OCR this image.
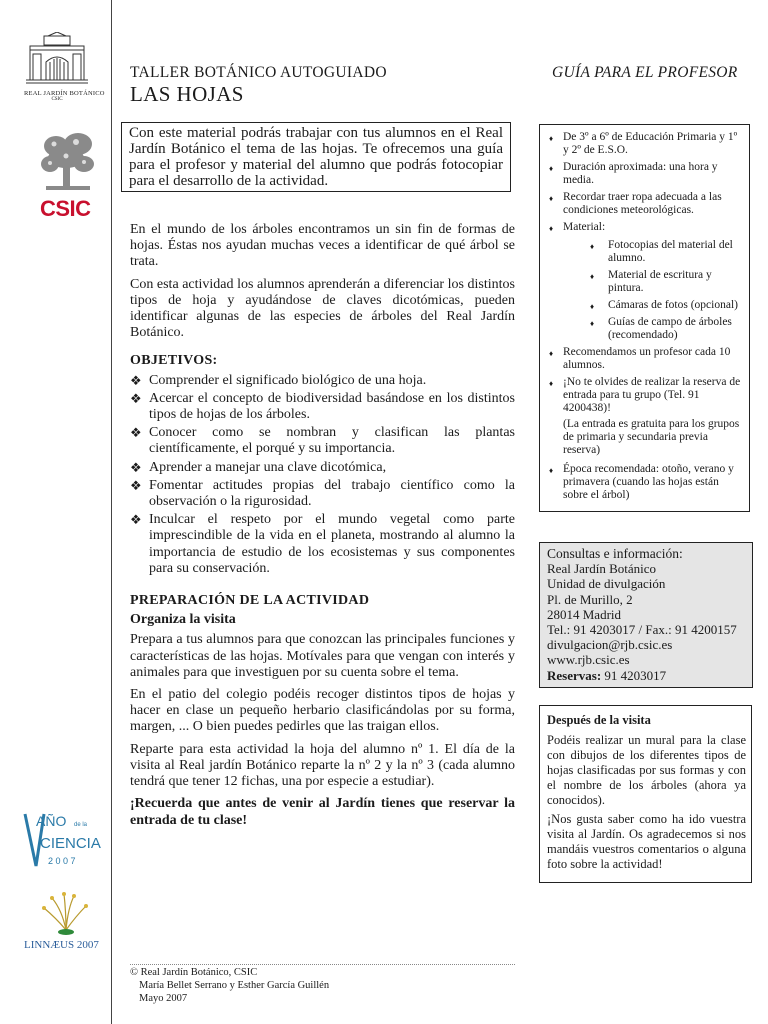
REAL JARDÍN BOTÁNICO
CSIC
CSIC
AÑO de la
CIENCIA
2 0 0 7
LINNÆUS 2007
TALLER BOTÁNICO AUTOGUIADO
LAS HOJAS
GUÍA PARA EL PROFESOR
Con este material podrás trabajar con tus alumnos en el Real Jardín Botánico el tema de las hojas. Te ofrecemos una guía para el profesor y material del alumno que podrás fotocopiar para el desarrollo de la actividad.

En el mundo de los árboles encontramos un sin fin de formas de hojas. Éstas nos ayudan muchas veces a identificar de qué árbol se trata.

Con esta actividad los alumnos aprenderán a diferenciar los distintos tipos de hoja y ayudándose de claves dicotómicas, pueden identificar algunas de las especies de árboles del Real Jardín Botánico.

OBJETIVOS:
❖ Comprender el significado biológico de una hoja.
❖ Acercar el concepto de biodiversidad basándose en los distintos tipos de hojas de los árboles.
❖ Conocer como se nombran y clasifican las plantas científicamente, el porqué y su importancia.
❖ Aprender a manejar una clave dicotómica,
❖ Fomentar actitudes propias del trabajo científico como la observación o la rigurosidad.
❖ Inculcar el respeto por el mundo vegetal como parte imprescindible de la vida en el planeta, mostrando al alumno la importancia de estudio de los ecosistemas y sus componentes para su conservación.
PREPARACIÓN DE LA ACTIVIDAD
Organiza la visita

Prepara a tus alumnos para que conozcan las principales funciones y características de las hojas. Motívales para que vengan con interés y animales para que investiguen por su cuenta sobre el tema.

En el patio del colegio podéis recoger distintos tipos de hojas y hacer en clase un pequeño herbario clasificándolas por su forma, margen, ... O bien puedes pedirles que las traigan ellos.

Reparte para esta actividad la hoja del alumno nº 1. El día de la visita al Real jardín Botánico reparte la nº 2 y la nº 3 (cada alumno tendrá que tener 12 fichas, una por especie a estudiar).

¡Recuerda que antes de venir al Jardín tienes que reservar la entrada de tu clase!

♦ De 3º a 6º de Educación Primaria y 1º y 2º de E.S.O.
♦ Duración aproximada: una hora y media.
♦ Recordar traer ropa adecuada a las condiciones meteorológicas.
♦ Material:
♦ Fotocopias del material del alumno.
♦ Material de escritura y pintura.
♦ Cámaras de fotos (opcional)
♦ Guías de campo de árboles (recomendado)
♦ Recomendamos un profesor cada 10 alumnos.
♦ ¡No te olvides de realizar la reserva de entrada para tu grupo (Tel. 91 4200438)!
(La entrada es gratuita para los grupos de primaria y secundaria previa reserva)
♦ Época recomendada: otoño, verano y primavera (cuando las hojas están sobre el árbol)
Consultas e información:
Real Jardín Botánico
Unidad de divulgación
Pl. de Murillo, 2
28014 Madrid
Tel.: 91 4203017 / Fax.: 91 4200157
divulgacion@rjb.csic.es
www.rjb.csic.es
Reservas: 91 4203017
Después de la visita

Podéis realizar un mural para la clase con dibujos de los diferentes tipos de hojas clasificadas por sus formas y con el nombre de los árboles (ahora ya conocidos).

¡Nos gusta saber como ha ido vuestra visita al Jardín. Os agradecemos si nos mandáis vuestros comentarios o alguna foto sobre la actividad!

© Real Jardín Botánico, CSIC
María Bellet Serrano y Esther García Guillén
Mayo 2007
